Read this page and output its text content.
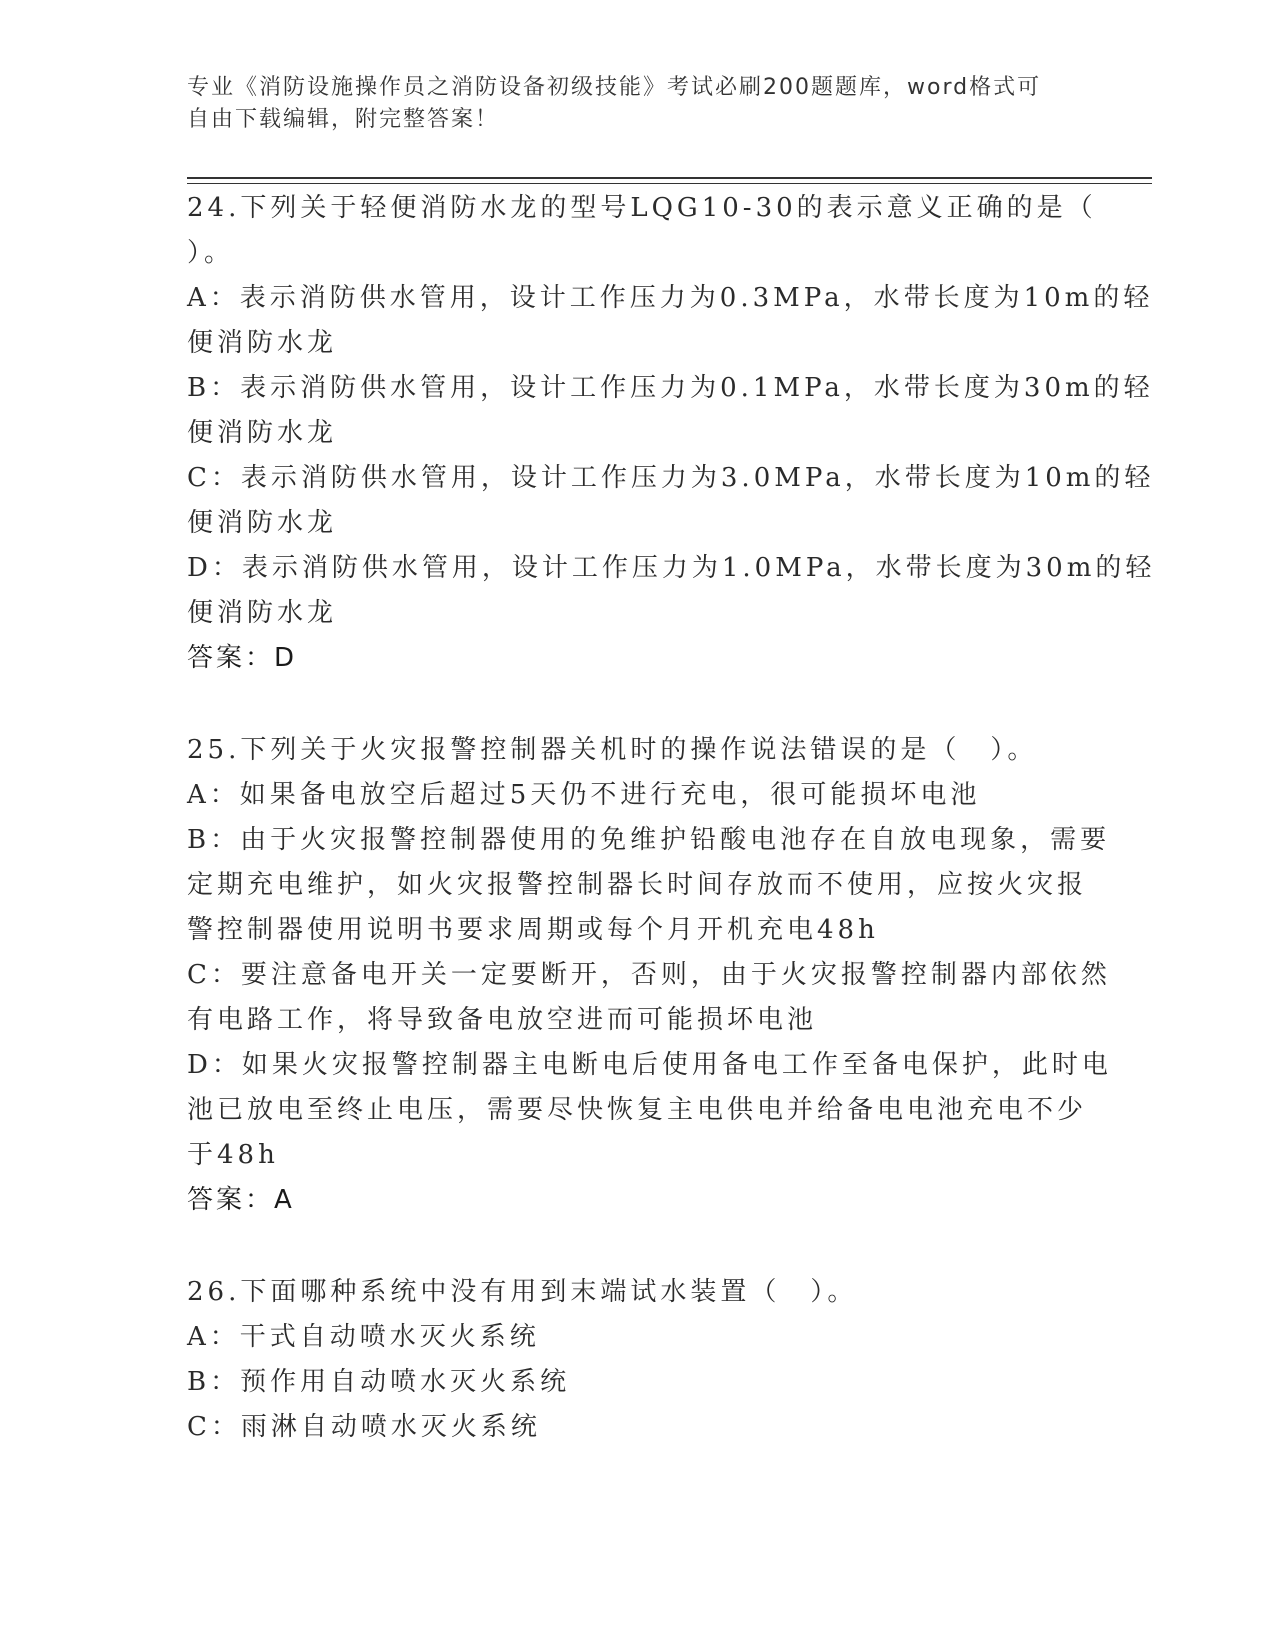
专业《消防设施操作员之消防设备初级技能》考试必刷200题题库，word格式可
自由下载编辑，附完整答案！
24.下列关于轻便消防水龙的型号LQG10-30的表示意义正确的是（
）。
A：表示消防供水管用，设计工作压力为0.3MPa，水带长度为10m的轻
便消防水龙
B：表示消防供水管用，设计工作压力为0.1MPa，水带长度为30m的轻
便消防水龙
C：表示消防供水管用，设计工作压力为3.0MPa，水带长度为10m的轻
便消防水龙
D：表示消防供水管用，设计工作压力为1.0MPa，水带长度为30m的轻
便消防水龙
答案：D
25.下列关于火灾报警控制器关机时的操作说法错误的是（　）。
A：如果备电放空后超过5天仍不进行充电，很可能损坏电池
B：由于火灾报警控制器使用的免维护铅酸电池存在自放电现象，需要
定期充电维护，如火灾报警控制器长时间存放而不使用，应按火灾报
警控制器使用说明书要求周期或每个月开机充电48h
C：要注意备电开关一定要断开，否则，由于火灾报警控制器内部依然
有电路工作，将导致备电放空进而可能损坏电池
D：如果火灾报警控制器主电断电后使用备电工作至备电保护，此时电
池已放电至终止电压，需要尽快恢复主电供电并给备电电池充电不少
于48h
答案：A
26.下面哪种系统中没有用到末端试水装置（　）。
A：干式自动喷水灭火系统
B：预作用自动喷水灭火系统
C：雨淋自动喷水灭火系统
